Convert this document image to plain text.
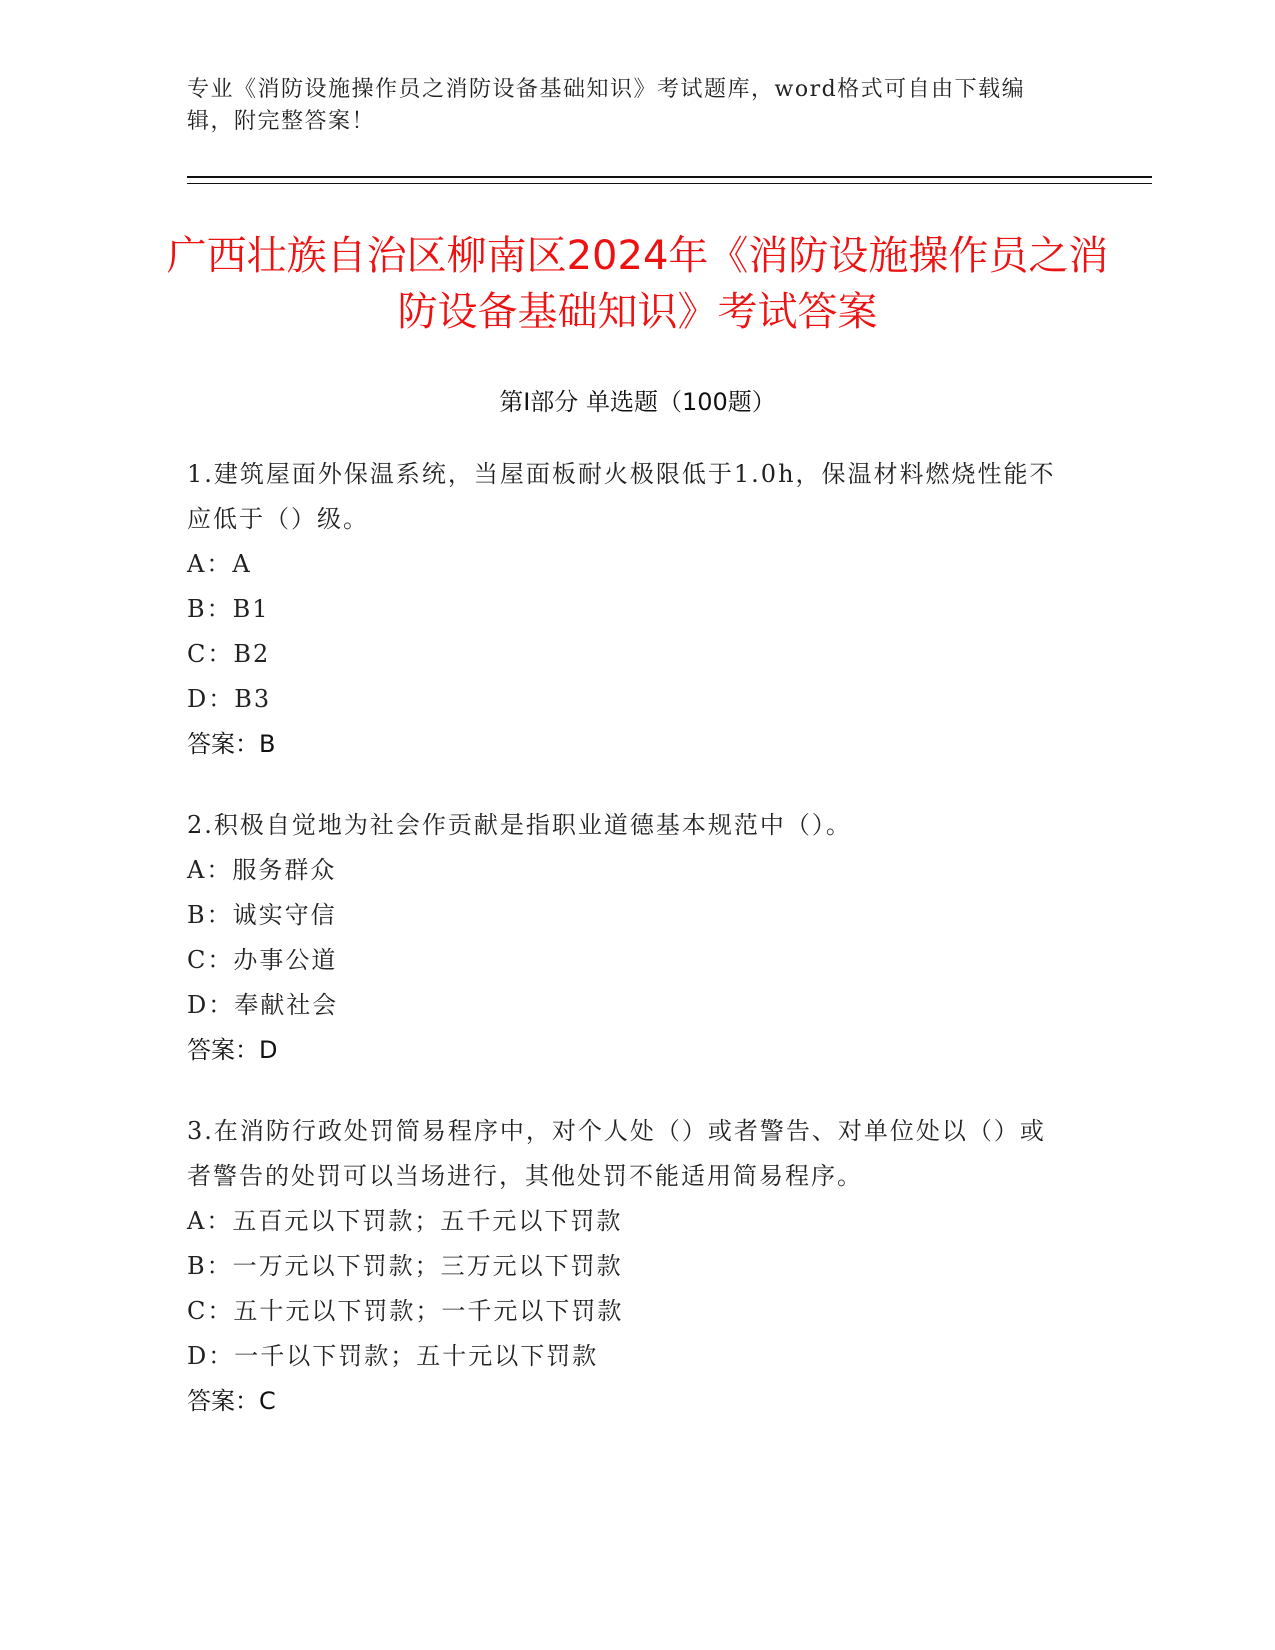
专业《消防设施操作员之消防设备基础知识》考试题库，word格式可自由下载编辑，附完整答案！
广西壮族自治区柳南区2024年《消防设施操作员之消防设备基础知识》考试答案
第Ⅰ部分 单选题（100题）

1.建筑屋面外保温系统，当屋面板耐火极限低于1.0h，保温材料燃烧性能不应低于（）级。

A：A

B：B1

C：B2

D：B3

答案：B

2.积极自觉地为社会作贡献是指职业道德基本规范中（）。

A：服务群众

B：诚实守信

C：办事公道

D：奉献社会

答案：D

3.在消防行政处罚简易程序中，对个人处（）或者警告、对单位处以（）或者警告的处罚可以当场进行，其他处罚不能适用简易程序。

A：五百元以下罚款；五千元以下罚款

B：一万元以下罚款；三万元以下罚款

C：五十元以下罚款；一千元以下罚款

D：一千以下罚款；五十元以下罚款

答案：C
